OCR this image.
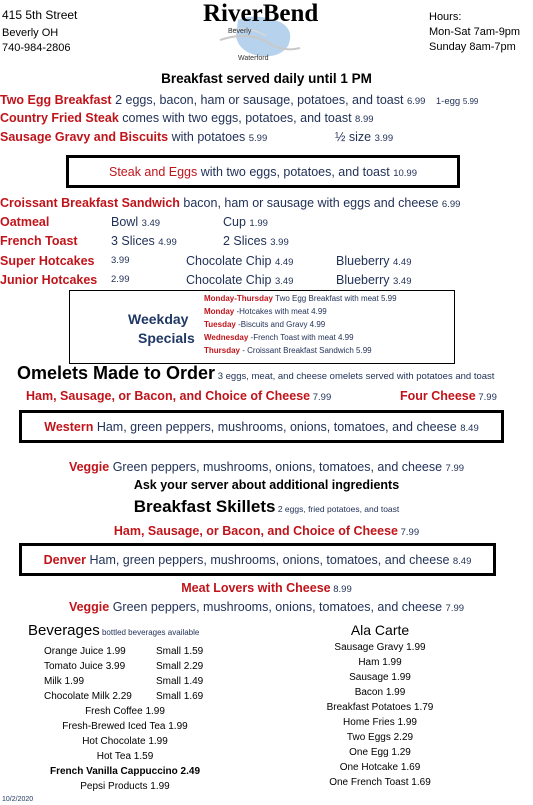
415 5th Street
Beverly OH
740-984-2806
RiverBend
Beverly
Waterford
Hours:
Mon-Sat 7am-9pm
Sunday 8am-7pm
Breakfast served daily until 1 PM
Two Egg Breakfast 2 eggs, bacon, ham or sausage, potatoes, and toast 6.99 1-egg 5.99
Country Fried Steak comes with two eggs, potatoes, and toast 8.99
Sausage Gravy and Biscuits with potatoes 5.99	½ size 3.99
Steak and Eggs with two eggs, potatoes, and toast 10.99
Croissant Breakfast Sandwich bacon, ham or sausage with eggs and cheese 6.99
Oatmeal	Bowl 3.49	Cup 1.99
French Toast	3 Slices 4.99	2 Slices 3.99
Super Hotcakes 3.99	Chocolate Chip 4.49	Blueberry 4.49
Junior Hotcakes 2.99	Chocolate Chip 3.49	Blueberry 3.49
Weekday
Specials
Monday-Thursday Two Egg Breakfast with meat 5.99
Monday -Hotcakes with meat 4.99
Tuesday -Biscuits and Gravy 4.99
Wednesday -French Toast with meat 4.99
Thursday - Croissant Breakfast Sandwich 5.99
Omelets Made to Order 3 eggs, meat, and cheese omelets served with potatoes and toast
Ham, Sausage, or Bacon, and Choice of Cheese 7.99	Four Cheese 7.99
Western Ham, green peppers, mushrooms, onions, tomatoes, and cheese 8.49
Veggie Green peppers, mushrooms, onions, tomatoes, and cheese 7.99
Ask your server about additional ingredients
Breakfast Skillets 2 eggs, fried potatoes, and toast
Ham, Sausage, or Bacon, and Choice of Cheese 7.99
Denver Ham, green peppers, mushrooms, onions, tomatoes, and cheese 8.49
Meat Lovers with Cheese 8.99
Veggie Green peppers, mushrooms, onions, tomatoes, and cheese 7.99
Beverages bottled beverages available
Orange Juice 1.99	Small 1.59
Tomato Juice 3.99	Small 2.29
Milk 1.99	Small 1.49
Chocolate Milk 2.29 Small 1.69
Fresh Coffee 1.99
Fresh-Brewed Iced Tea 1.99
Hot Chocolate 1.99
Hot Tea 1.59
French Vanilla Cappuccino 2.49
Pepsi Products 1.99
Ala Carte
Sausage Gravy 1.99
Ham 1.99
Sausage 1.99
Bacon 1.99
Breakfast Potatoes 1.79
Home Fries 1.99
Two Eggs 2.29
One Egg 1.29
One Hotcake 1.69
One French Toast 1.69
10/2/2020
